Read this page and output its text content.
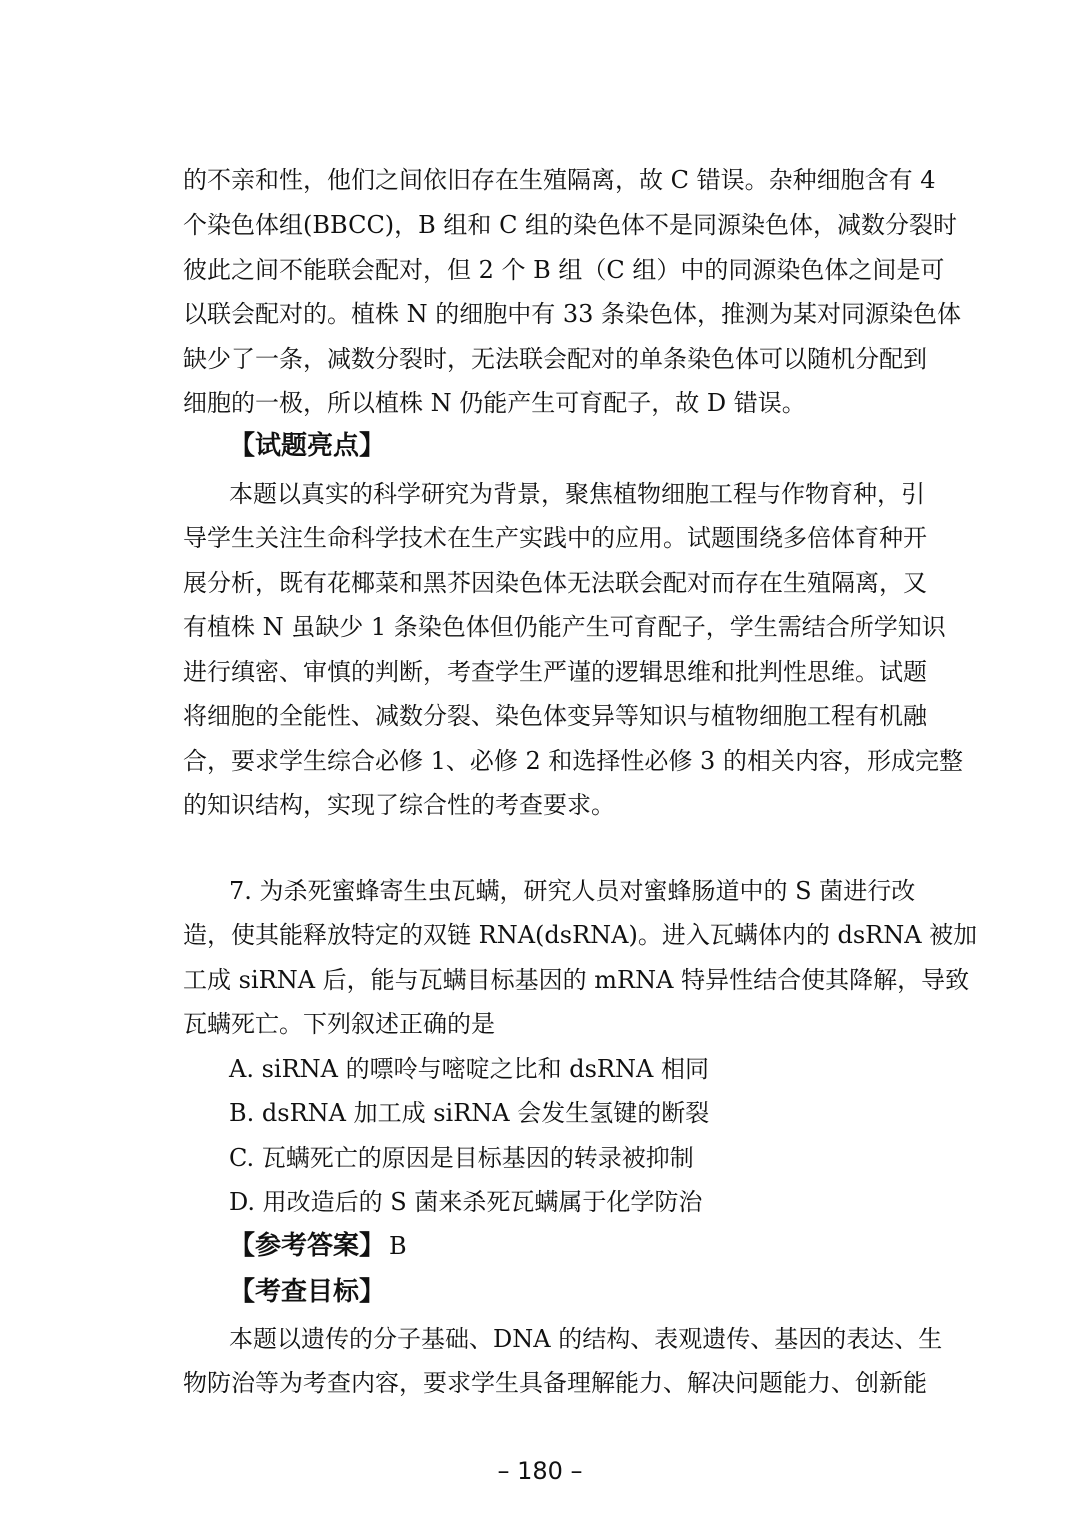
的不亲和性，他们之间依旧存在生殖隔离，故 C 错误。杂种细胞含有 4
个染色体组(BBCC)，B 组和 C 组的染色体不是同源染色体，减数分裂时
彼此之间不能联会配对，但 2 个 B 组（C 组）中的同源染色体之间是可
以联会配对的。植株 N 的细胞中有 33 条染色体，推测为某对同源染色体
缺少了一条，减数分裂时，无法联会配对的单条染色体可以随机分配到
细胞的一极，所以植株 N 仍能产生可育配子，故 D 错误。
【试题亮点】
本题以真实的科学研究为背景，聚焦植物细胞工程与作物育种，引
导学生关注生命科学技术在生产实践中的应用。试题围绕多倍体育种开
展分析，既有花椰菜和黑芥因染色体无法联会配对而存在生殖隔离，又
有植株 N 虽缺少 1 条染色体但仍能产生可育配子，学生需结合所学知识
进行缜密、审慎的判断，考查学生严谨的逻辑思维和批判性思维。试题
将细胞的全能性、减数分裂、染色体变异等知识与植物细胞工程有机融
合，要求学生综合必修 1、必修 2 和选择性必修 3 的相关内容，形成完整
的知识结构，实现了综合性的考查要求。
7. 为杀死蜜蜂寄生虫瓦螨，研究人员对蜜蜂肠道中的 S 菌进行改
造，使其能释放特定的双链 RNA(dsRNA)。进入瓦螨体内的 dsRNA 被加
工成 siRNA 后，能与瓦螨目标基因的 mRNA 特异性结合使其降解，导致
瓦螨死亡。下列叙述正确的是
A. siRNA 的嘌呤与嘧啶之比和 dsRNA 相同
B. dsRNA 加工成 siRNA 会发生氢键的断裂
C. 瓦螨死亡的原因是目标基因的转录被抑制
D. 用改造后的 S 菌来杀死瓦螨属于化学防治
【参考答案】 B
【考查目标】
本题以遗传的分子基础、DNA 的结构、表观遗传、基因的表达、生
物防治等为考查内容，要求学生具备理解能力、解决问题能力、创新能
– 180 –
